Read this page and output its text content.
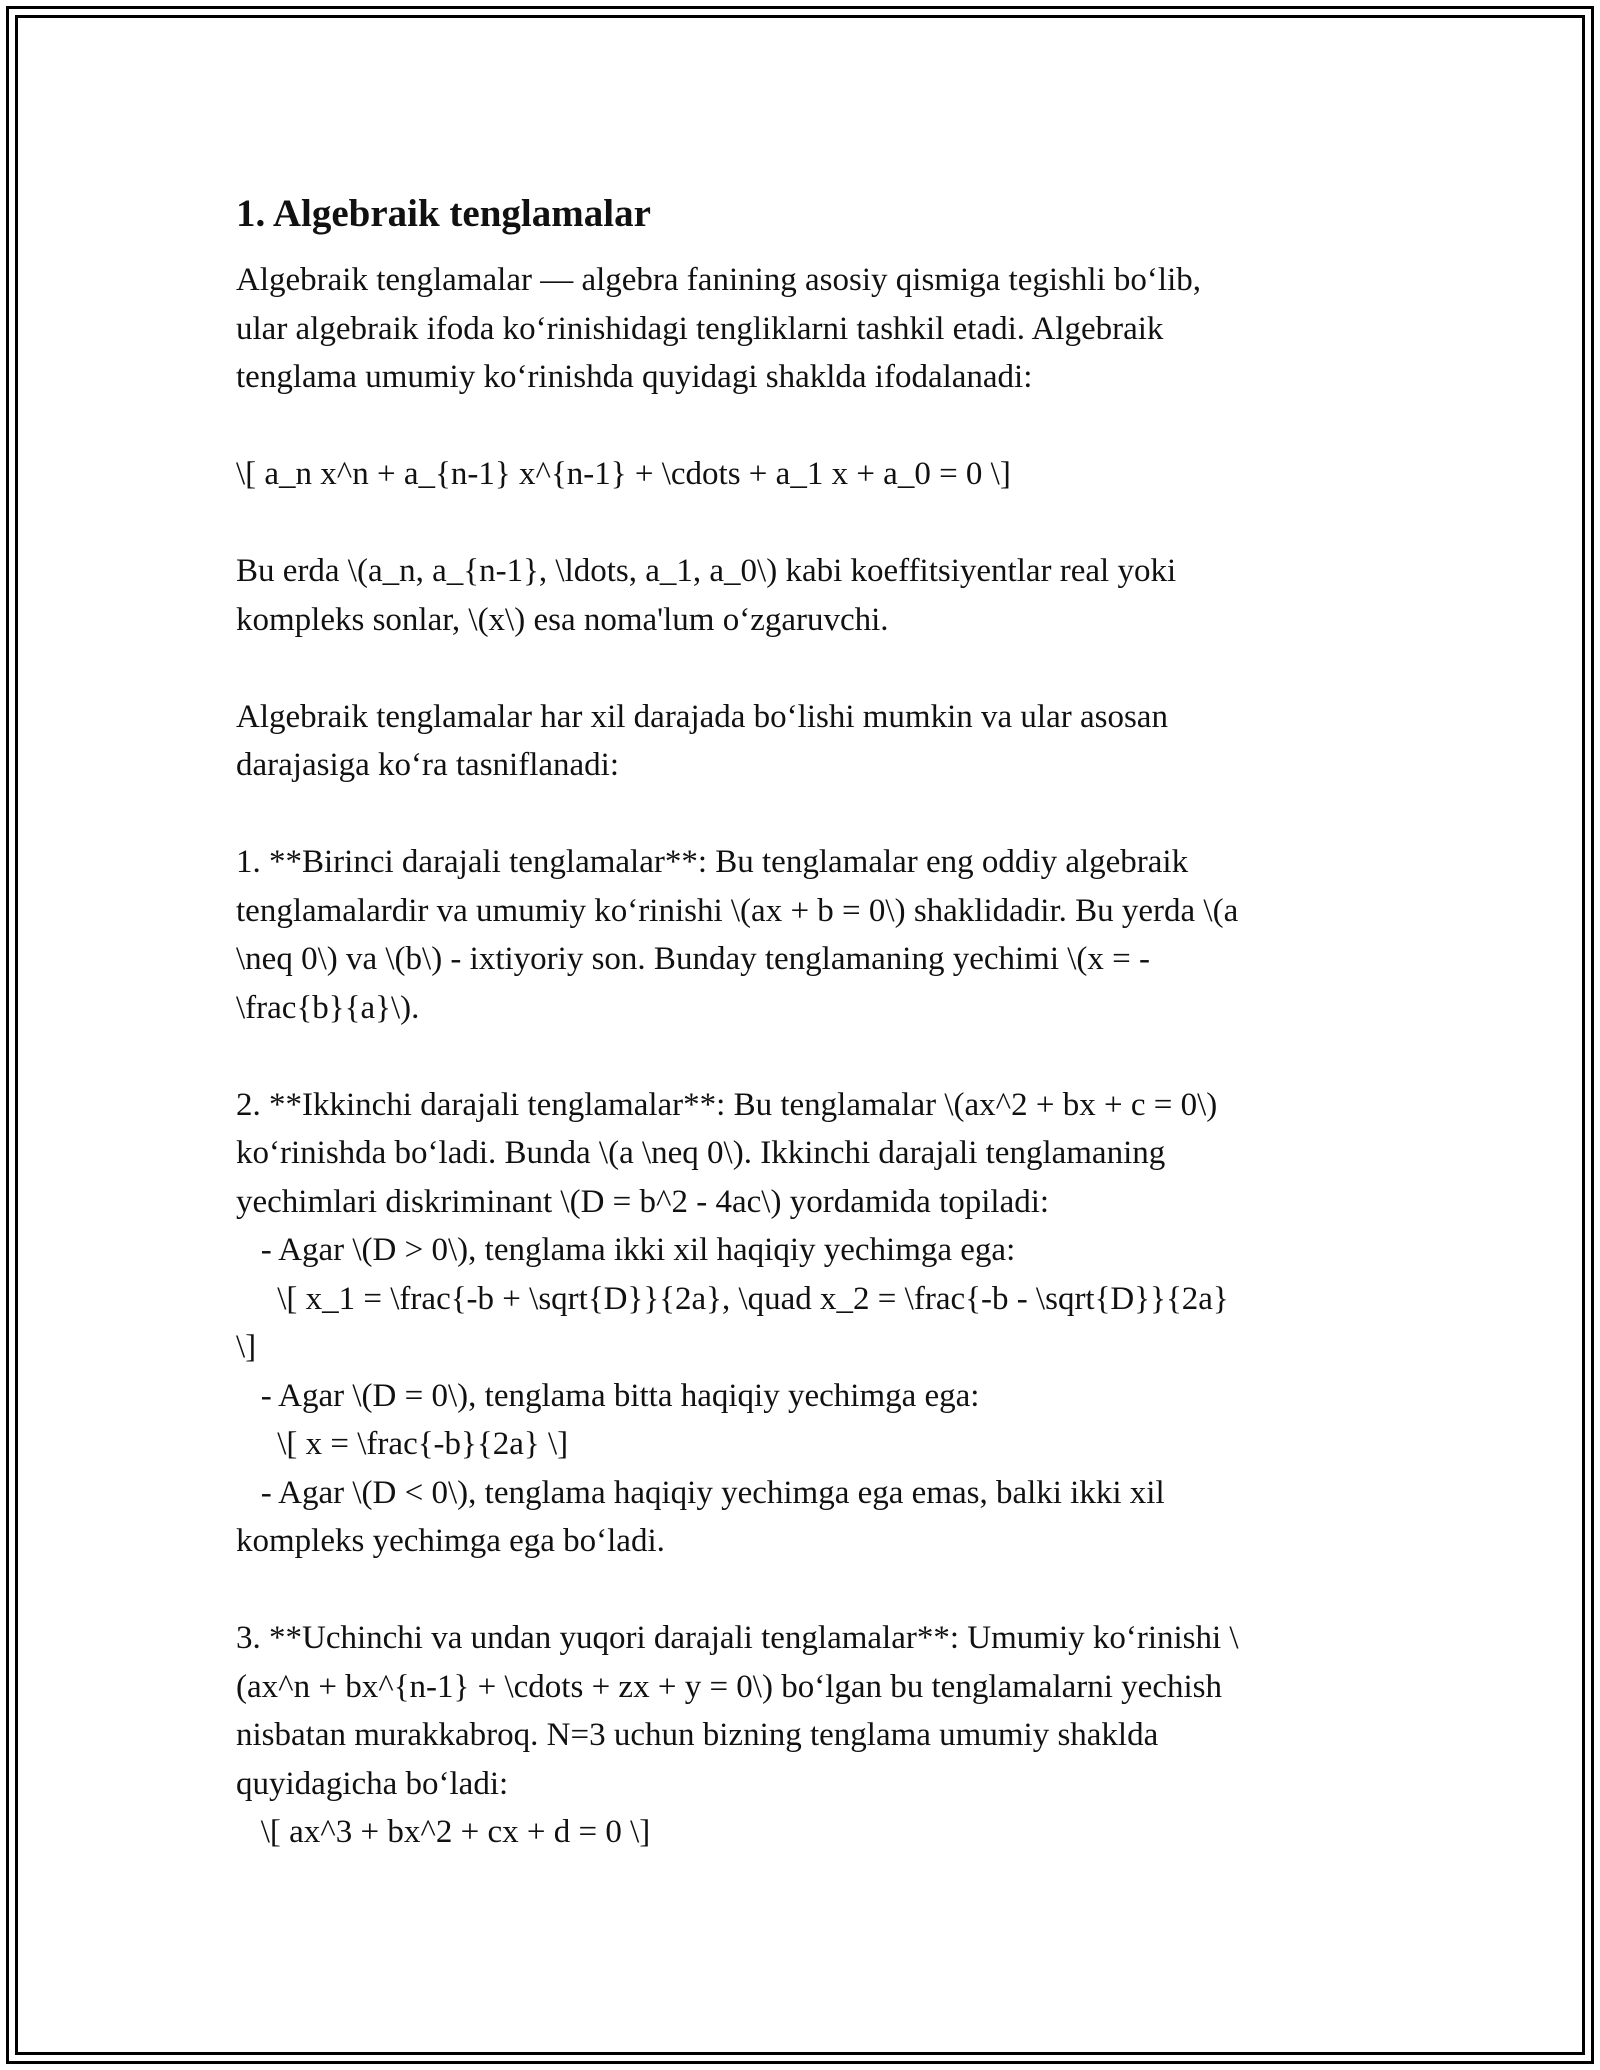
1. Algebraik tenglamalar
Algebraik tenglamalar — algebra fanining asosiy qismiga tegishli bo‘lib,
ular algebraik ifoda ko‘rinishidagi tengliklarni tashkil etadi. Algebraik
tenglama umumiy ko‘rinishda quyidagi shaklda ifodalanadi:
\[ a_n x^n + a_{n-1} x^{n-1} + \cdots + a_1 x + a_0 = 0 \]
Bu erda \(a_n, a_{n-1}, \ldots, a_1, a_0\) kabi koeffitsiyentlar real yoki
kompleks sonlar, \(x\) esa noma'lum o‘zgaruvchi.
Algebraik tenglamalar har xil darajada bo‘lishi mumkin va ular asosan
darajasiga ko‘ra tasniflanadi:
1. **Birinci darajali tenglamalar**: Bu tenglamalar eng oddiy algebraik
tenglamalardir va umumiy ko‘rinishi \(ax + b = 0\) shaklidadir. Bu yerda \(a
\neq 0\) va \(b\) - ixtiyoriy son. Bunday tenglamaning yechimi \(x = -
\frac{b}{a}\).
2. **Ikkinchi darajali tenglamalar**: Bu tenglamalar \(ax^2 + bx + c = 0\)
ko‘rinishda bo‘ladi. Bunda \(a \neq 0\). Ikkinchi darajali tenglamaning
yechimlari diskriminant \(D = b^2 - 4ac\) yordamida topiladi:
- Agar \(D > 0\), tenglama ikki xil haqiqiy yechimga ega:
\[ x_1 = \frac{-b + \sqrt{D}}{2a}, \quad x_2 = \frac{-b - \sqrt{D}}{2a}
\]
- Agar \(D = 0\), tenglama bitta haqiqiy yechimga ega:
\[ x = \frac{-b}{2a} \]
- Agar \(D < 0\), tenglama haqiqiy yechimga ega emas, balki ikki xil
kompleks yechimga ega bo‘ladi.
3. **Uchinchi va undan yuqori darajali tenglamalar**: Umumiy ko‘rinishi \
(ax^n + bx^{n-1} + \cdots + zx + y = 0\) bo‘lgan bu tenglamalarni yechish
nisbatan murakkabroq. N=3 uchun bizning tenglama umumiy shaklda
quyidagicha bo‘ladi:
\[ ax^3 + bx^2 + cx + d = 0 \]
